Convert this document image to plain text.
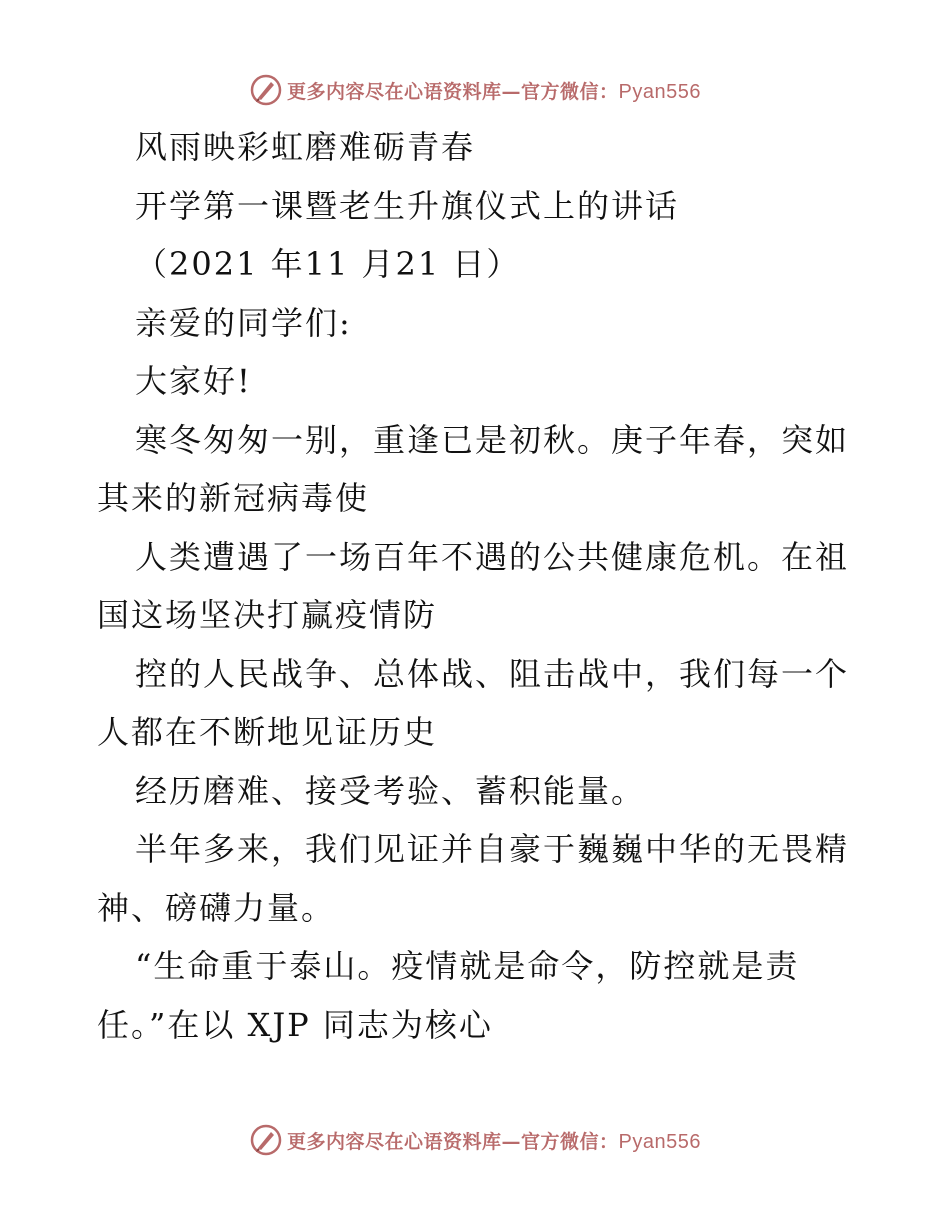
更多内容尽在心语资料库—官方微信：Pyan556
风雨映彩虹磨难砺青春
开学第一课暨老生升旗仪式上的讲话
（2021 年11 月21 日）
亲爱的同学们:
大家好!
寒冬匆匆一别，重逢已是初秋。庚子年春，突如
其来的新冠病毒使
人类遭遇了一场百年不遇的公共健康危机。在祖
国这场坚决打赢疫情防
控的人民战争、总体战、阻击战中，我们每一个
人都在不断地见证历史
经历磨难、接受考验、蓄积能量。
半年多来，我们见证并自豪于巍巍中华的无畏精
神、磅礴力量。
“生命重于泰山。疫情就是命令，防控就是责
任。”在以 XJP 同志为核心
更多内容尽在心语资料库—官方微信：Pyan556
